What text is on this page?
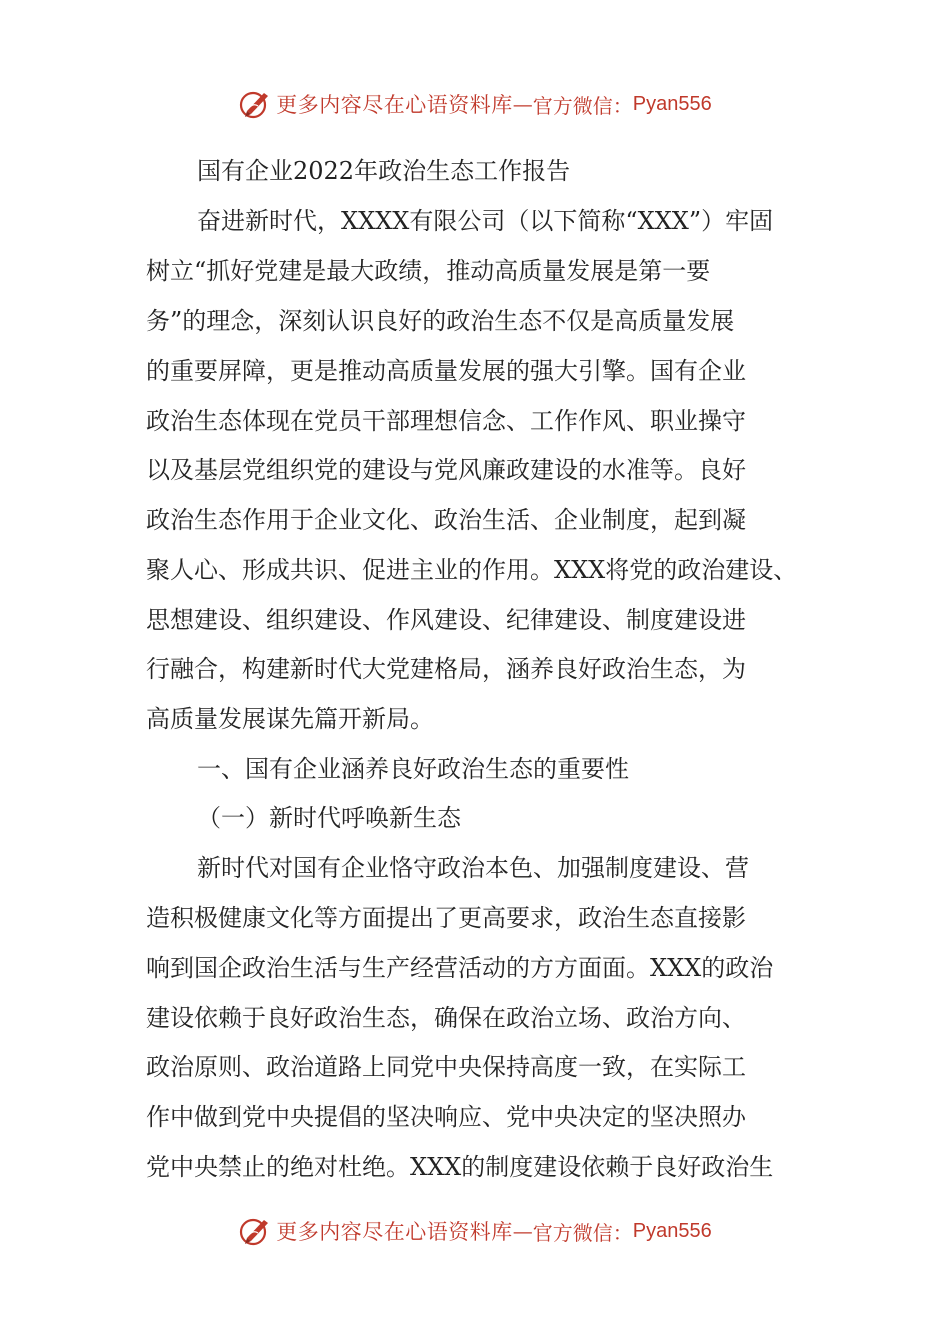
更多内容尽在心语资料库 — 官方微信： Pyan556
国有企业2022年政治生态工作报告
奋进新时代，XXXX有限公司（以下简称“XXX”）牢固
树立“抓好党建是最大政绩，推动高质量发展是第一要
务”的理念，深刻认识良好的政治生态不仅是高质量发展
的重要屏障，更是推动高质量发展的强大引擎。国有企业
政治生态体现在党员干部理想信念、工作作风、职业操守
以及基层党组织党的建设与党风廉政建设的水准等。良好
政治生态作用于企业文化、政治生活、企业制度，起到凝
聚人心、形成共识、促进主业的作用。XXX将党的政治建设、
思想建设、组织建设、作风建设、纪律建设、制度建设进
行融合，构建新时代大党建格局，涵养良好政治生态，为
高质量发展谋先篇开新局。
一、国有企业涵养良好政治生态的重要性
（一）新时代呼唤新生态
新时代对国有企业恪守政治本色、加强制度建设、营
造积极健康文化等方面提出了更高要求，政治生态直接影
响到国企政治生活与生产经营活动的方方面面。XXX的政治
建设依赖于良好政治生态，确保在政治立场、政治方向、
政治原则、政治道路上同党中央保持高度一致，在实际工
作中做到党中央提倡的坚决响应、党中央决定的坚决照办
党中央禁止的绝对杜绝。XXX的制度建设依赖于良好政治生
更多内容尽在心语资料库 — 官方微信： Pyan556
